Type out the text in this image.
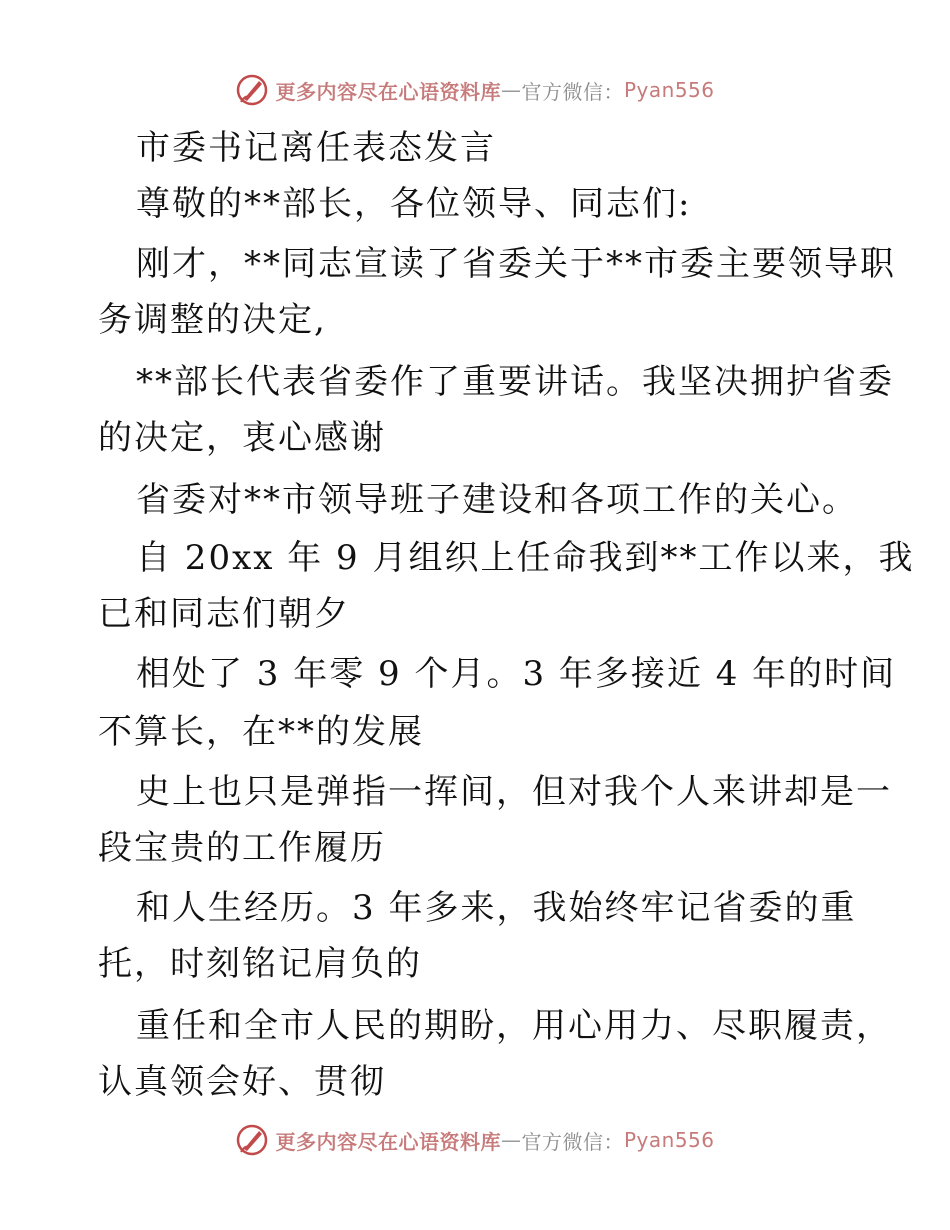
更多内容尽在心语资料库 — 官方微信： Pyan556
市委书记离任表态发言
尊敬的**部长，各位领导、同志们:
刚才，**同志宣读了省委关于**市委主要领导职
务调整的决定,
**部长代表省委作了重要讲话。我坚决拥护省委
的决定，衷心感谢
省委对**市领导班子建设和各项工作的关心。
自 20xx 年 9 月组织上任命我到**工作以来，我
已和同志们朝夕
相处了 3 年零 9 个月。3 年多接近 4 年的时间
不算长，在**的发展
史上也只是弹指一挥间，但对我个人来讲却是一
段宝贵的工作履历
和人生经历。3 年多来，我始终牢记省委的重
托，时刻铭记肩负的
重任和全市人民的期盼，用心用力、尽职履责，
认真领会好、贯彻
更多内容尽在心语资料库 — 官方微信： Pyan556
